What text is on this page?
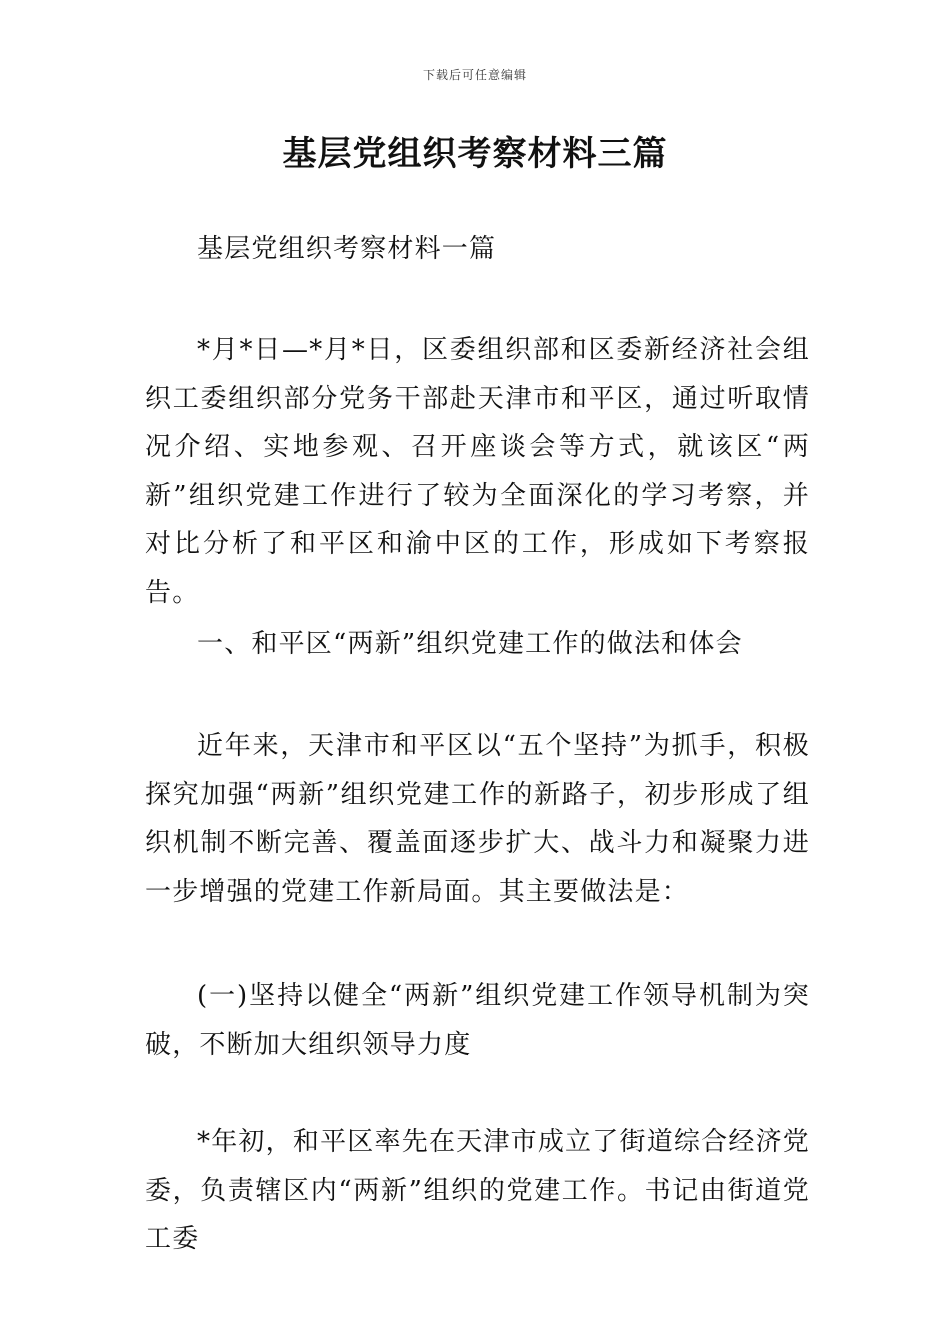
下载后可任意编辑
基层党组织考察材料三篇

基层党组织考察材料一篇

*月*日—*月*日，区委组织部和区委新经济社会组织工委组织部分党务干部赴天津市和平区，通过听取情况介绍、实地参观、召开座谈会等方式，就该区“两新”组织党建工作进行了较为全面深化的学习考察，并对比分析了和平区和渝中区的工作，形成如下考察报告。

一、和平区“两新”组织党建工作的做法和体会

近年来，天津市和平区以“五个坚持”为抓手，积极探究加强“两新”组织党建工作的新路子，初步形成了组织机制不断完善、覆盖面逐步扩大、战斗力和凝聚力进一步增强的党建工作新局面。其主要做法是：

(一)坚持以健全“两新”组织党建工作领导机制为突破，不断加大组织领导力度

*年初，和平区率先在天津市成立了街道综合经济党委，负责辖区内“两新”组织的党建工作。书记由街道党工委
